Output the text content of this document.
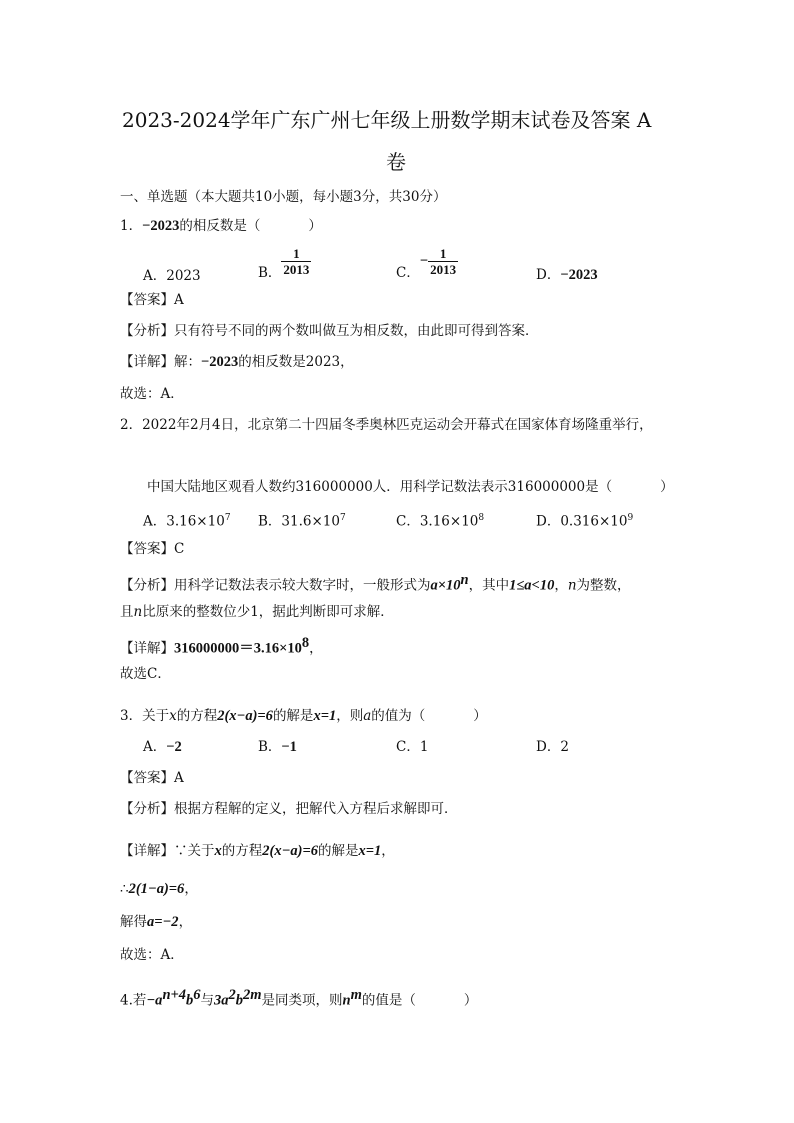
2023-2024学年广东广州七年级上册数学期末试卷及答案 A
卷
一、单选题（本大题共10小题，每小题3分，共30分）
1．−2023的相反数是（	）
A．2023	B． $\frac{1}{2013}$	C．− $\frac{1}{2013}$	D．−2023
【答案】A
【分析】只有符号不同的两个数叫做互为相反数，由此即可得到答案．
【详解】解：−2023的相反数是2023，
故选：A．
2．2022年2月4日，北京第二十四届冬季奥林匹克运动会开幕式在国家体育场隆重举行，
中国大陆地区观看人数约316000000人．用科学记数法表示316000000是（	）
A．$3.16\times 10^7$ B．$31.6\times 10^7$	C．$3.16\times 10^8$	D．$0.316\times 10^9$
【答案】C
【分析】用科学记数法表示较大数字时，一般形式为$a\times 10^n$，其中1≤a<10，n为整数，
且n比原来的整数位少1，据此判断即可求解．
【详解】$316000000=3.16\times 10^8$，
故选C．
3．关于x的方程2(x−a)=6的解是x=1，则a的值为（	）
A．−2	B．−1	C．1	D．2
【答案】A
【分析】根据方程解的定义，把解代入方程后求解即可．
【详解】∵关于x的方程2(x−a)=6的解是x=1，
∴2(1−a)=6，
解得a=−2，
故选：A．
4.若$-a^{n+4}b^6$与$3a^2b^{2m}$是同类项，则$n^m$的值是（	）
